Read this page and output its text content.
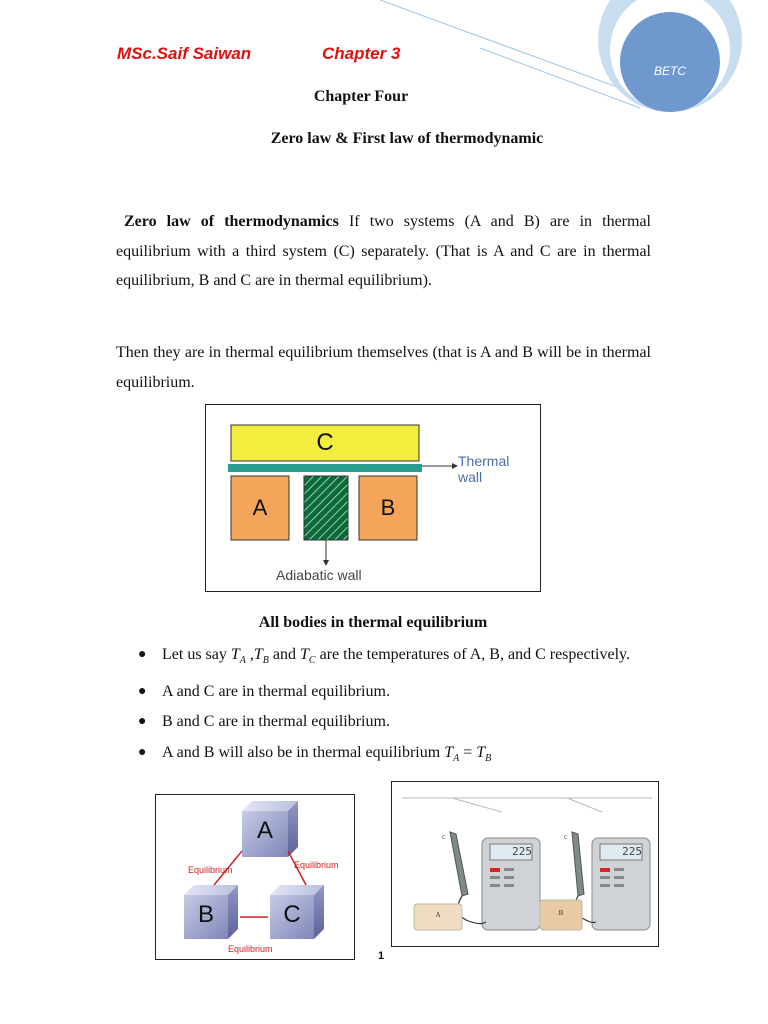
BETC
MSc.Saif Saiwan	Chapter 3
Chapter Four
Zero law & First law of thermodynamic
Zero law of thermodynamics If two systems (A and B) are in thermal equilibrium with a third system (C) separately. (That is A and C are in thermal equilibrium, B and C are in thermal equilibrium).
Then they are in thermal equilibrium themselves (that is A and B will be in thermal equilibrium.
C
A	B
Thermal
wall
Adiabatic wall
All bodies in thermal equilibrium
● Let us say $T_A$ $,T_B$ and $T_C$ are the temperatures of A, B, and C respectively.
● A and C are in thermal equilibrium.
● B and C are in thermal equilibrium.
● A and B will also be in thermal equilibrium $T_A = T_B$
A
B	C
Equilibrium	Equilibrium
Equilibrium
c	c
A	B
225	225
1
